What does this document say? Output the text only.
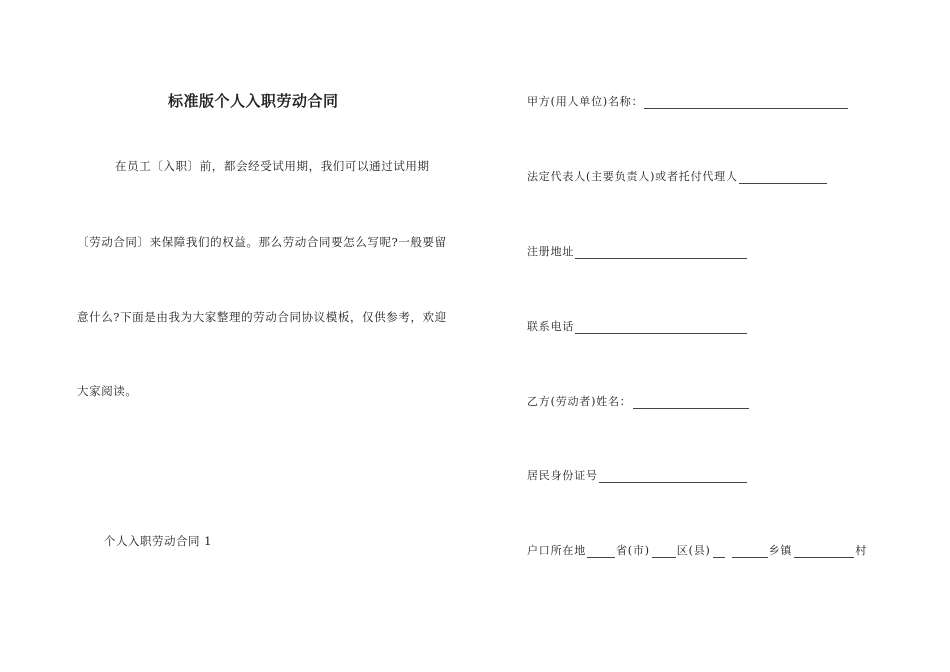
标准版个人入职劳动合同
在员工〔入职〕前，都会经受试用期，我们可以通过试用期
〔劳动合同〕来保障我们的权益。那么劳动合同要怎么写呢?一般要留
意什么?下面是由我为大家整理的劳动合同协议模板，仅供参考，欢迎
大家阅读。
个人入职劳动合同 1
甲方(用人单位)名称：
法定代表人(主要负责人)或者托付代理人
注册地址
联系电话
乙方(劳动者)姓名：
居民身份证号
户口所在地	省(市) 区(县)	乡镇	村
